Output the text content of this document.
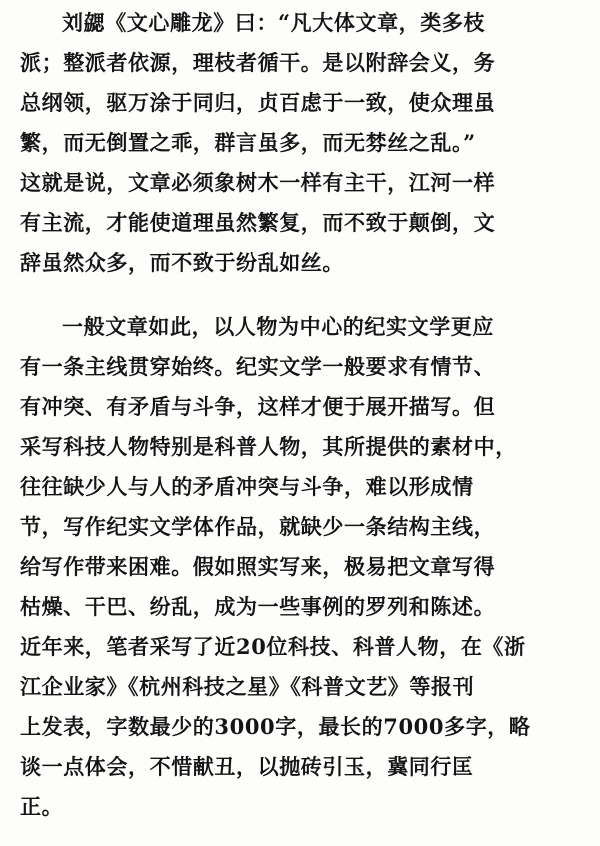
刘勰《文心雕龙》曰：“凡大体文章，类多枝
派；整派者依源，理枝者循干。是以附辞会义，务
总纲领，驱万涂于同归，贞百虑于一致，使众理虽
繁，而无倒置之乖，群言虽多，而无棼丝之乱。”
这就是说，文章必须象树木一样有主干，江河一样
有主流，才能使道理虽然繁复，而不致于颠倒，文
辞虽然众多，而不致于纷乱如丝。
一般文章如此，以人物为中心的纪实文学更应
有一条主线贯穿始终。纪实文学一般要求有情节、
有冲突、有矛盾与斗争，这样才便于展开描写。但
采写科技人物特别是科普人物，其所提供的素材中，
往往缺少人与人的矛盾冲突与斗争，难以形成情
节，写作纪实文学体作品，就缺少一条结构主线，
给写作带来困难。假如照实写来，极易把文章写得
枯燥、干巴、纷乱，成为一些事例的罗列和陈述。
近年来，笔者采写了近20位科技、科普人物，在《浙
江企业家》《杭州科技之星》《科普文艺》等报刊
上发表，字数最少的3000字，最长的7000多字，略
谈一点体会，不惜献丑，以抛砖引玉，冀同行匡
正。
